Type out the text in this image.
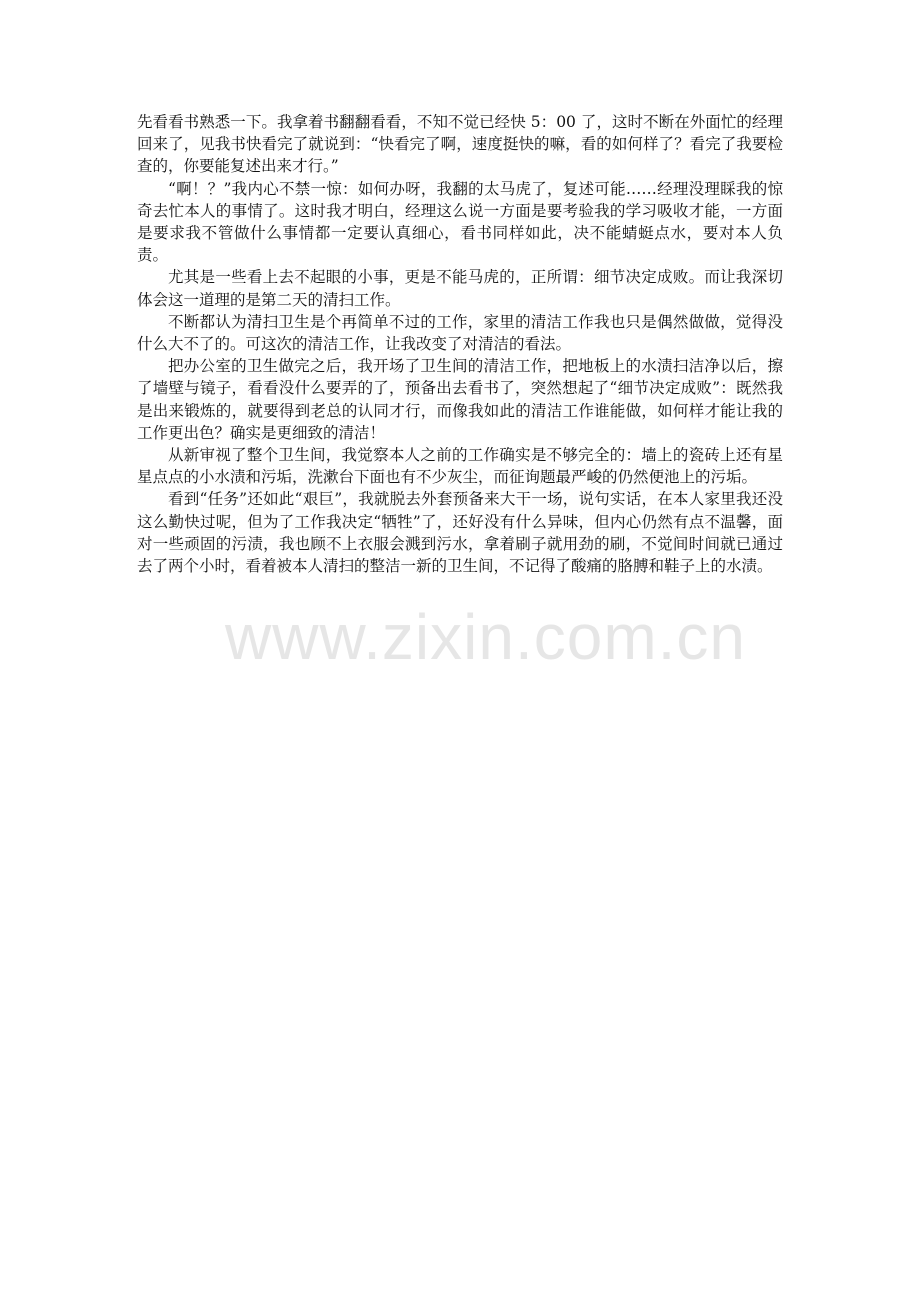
www.zixin.com.cn

先看看书熟悉一下。我拿着书翻翻看看，不知不觉已经快 5：00 了，这时不断在外面忙的经理回来了，见我书快看完了就说到：“快看完了啊，速度挺快的嘛，看的如何样了？看完了我要检查的，你要能复述出来才行。”

“啊！？”我内心不禁一惊：如何办呀，我翻的太马虎了，复述可能……经理没理睬我的惊奇去忙本人的事情了。这时我才明白，经理这么说一方面是要考验我的学习吸收才能，一方面是要求我不管做什么事情都一定要认真细心，看书同样如此，决不能蜻蜓点水，要对本人负责。

尤其是一些看上去不起眼的小事，更是不能马虎的，正所谓：细节决定成败。而让我深切体会这一道理的是第二天的清扫工作。

不断都认为清扫卫生是个再简单不过的工作，家里的清洁工作我也只是偶然做做，觉得没什么大不了的。可这次的清洁工作，让我改变了对清洁的看法。

把办公室的卫生做完之后，我开场了卫生间的清洁工作，把地板上的水渍扫洁净以后，擦了墙壁与镜子，看看没什么要弄的了，预备出去看书了，突然想起了“细节决定成败”：既然我是出来锻炼的，就要得到老总的认同才行，而像我如此的清洁工作谁能做，如何样才能让我的工作更出色？确实是更细致的清洁！

从新审视了整个卫生间，我觉察本人之前的工作确实是不够完全的：墙上的瓷砖上还有星星点点的小水渍和污垢，洗漱台下面也有不少灰尘，而征询题最严峻的仍然便池上的污垢。

看到“任务”还如此“艰巨”，我就脱去外套预备来大干一场，说句实话，在本人家里我还没这么勤快过呢，但为了工作我决定“牺牲”了，还好没有什么异味，但内心仍然有点不温馨，面对一些顽固的污渍，我也顾不上衣服会溅到污水，拿着刷子就用劲的刷，不觉间时间就已通过去了两个小时，看着被本人清扫的整洁一新的卫生间，不记得了酸痛的胳膊和鞋子上的水渍。
